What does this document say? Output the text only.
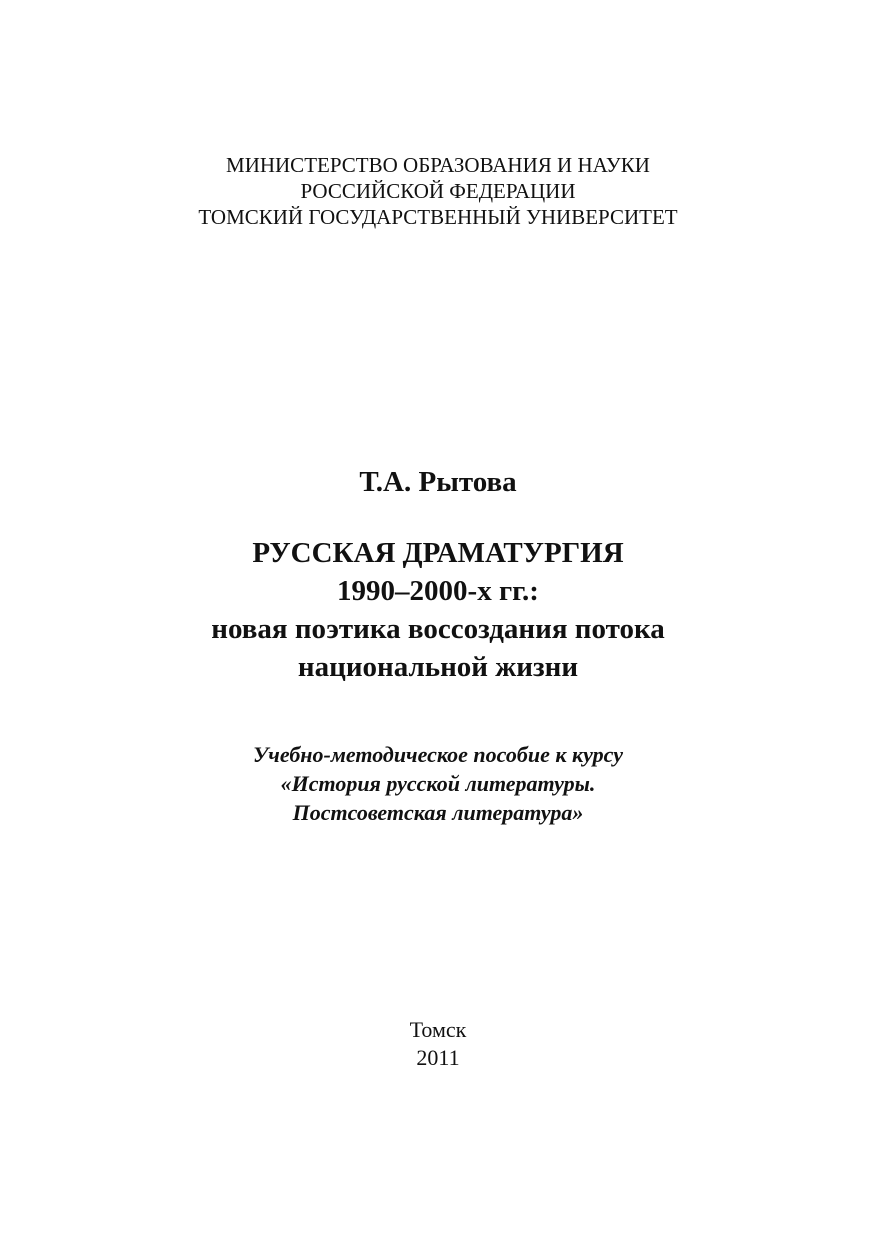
МИНИСТЕРСТВО ОБРАЗОВАНИЯ И НАУКИ
РОССИЙСКОЙ ФЕДЕРАЦИИ
ТОМСКИЙ ГОСУДАРСТВЕННЫЙ УНИВЕРСИТЕТ
Т.А. Рытова
РУССКАЯ ДРАМАТУРГИЯ
1990–2000-х гг.:
новая поэтика воссоздания потока
национальной жизни
Учебно-методическое пособие к курсу
«История русской литературы.
Постсоветская литература»
Томск
2011
